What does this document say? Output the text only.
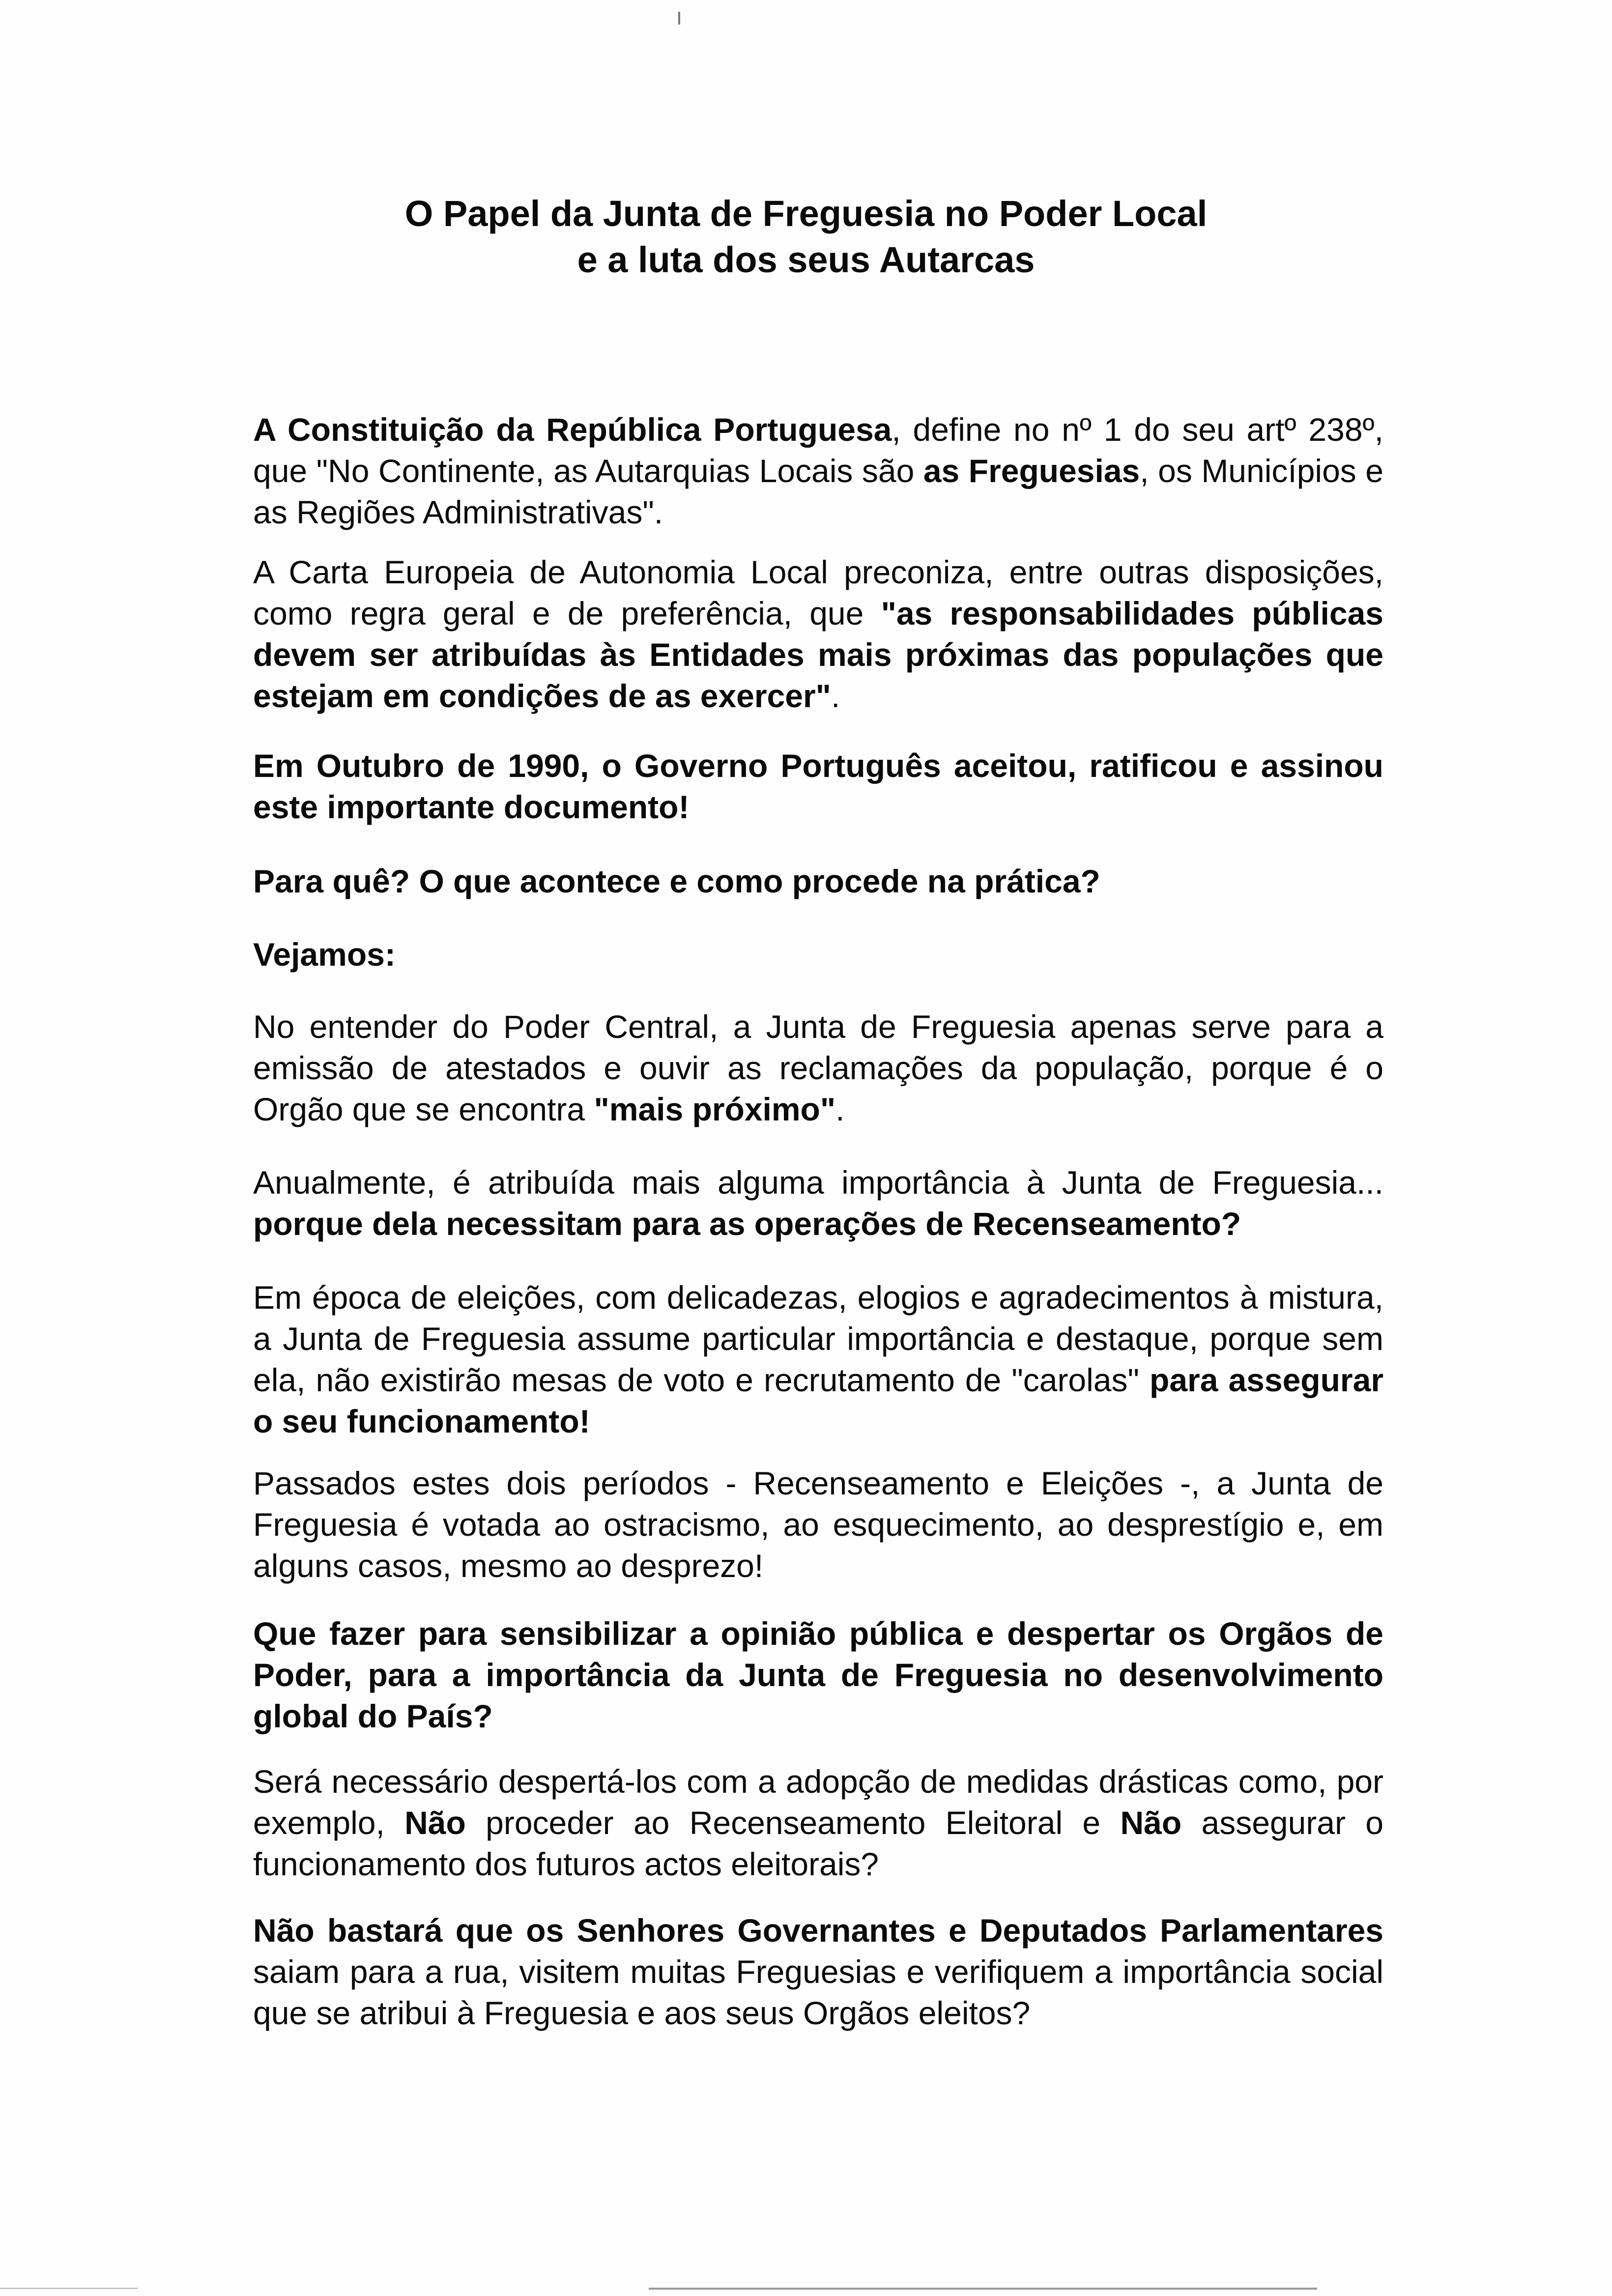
O Papel da Junta de Freguesia no Poder Local
e a luta dos seus Autarcas

A Constituição da República Portuguesa, define no nº 1 do seu artº 238º, que "No Continente, as Autarquias Locais são as Freguesias, os Municípios e as Regiões Administrativas".

A Carta Europeia de Autonomia Local preconiza, entre outras disposições, como regra geral e de preferência, que "as responsabilidades públicas devem ser atribuídas às Entidades mais próximas das populações que estejam em condições de as exercer".

Em Outubro de 1990, o Governo Português aceitou, ratificou e assinou este importante documento!

Para quê? O que acontece e como procede na prática?

Vejamos:

No entender do Poder Central, a Junta de Freguesia apenas serve para a emissão de atestados e ouvir as reclamações da população, porque é o Orgão que se encontra "mais próximo".

Anualmente, é atribuída mais alguma importância à Junta de Freguesia... porque dela necessitam para as operações de Recenseamento?

Em época de eleições, com delicadezas, elogios e agradecimentos à mistura, a Junta de Freguesia assume particular importância e destaque, porque sem ela, não existirão mesas de voto e recrutamento de "carolas" para assegurar o seu funcionamento!

Passados estes dois períodos - Recenseamento e Eleições -, a Junta de Freguesia é votada ao ostracismo, ao esquecimento, ao desprestígio e, em alguns casos, mesmo ao desprezo!

Que fazer para sensibilizar a opinião pública e despertar os Orgãos de Poder, para a importância da Junta de Freguesia no desenvolvimento global do País?

Será necessário despertá-los com a adopção de medidas drásticas como, por exemplo, Não proceder ao Recenseamento Eleitoral e Não assegurar o funcionamento dos futuros actos eleitorais?

Não bastará que os Senhores Governantes e Deputados Parlamentares saiam para a rua, visitem muitas Freguesias e verifiquem a importância social que se atribui à Freguesia e aos seus Orgãos eleitos?
